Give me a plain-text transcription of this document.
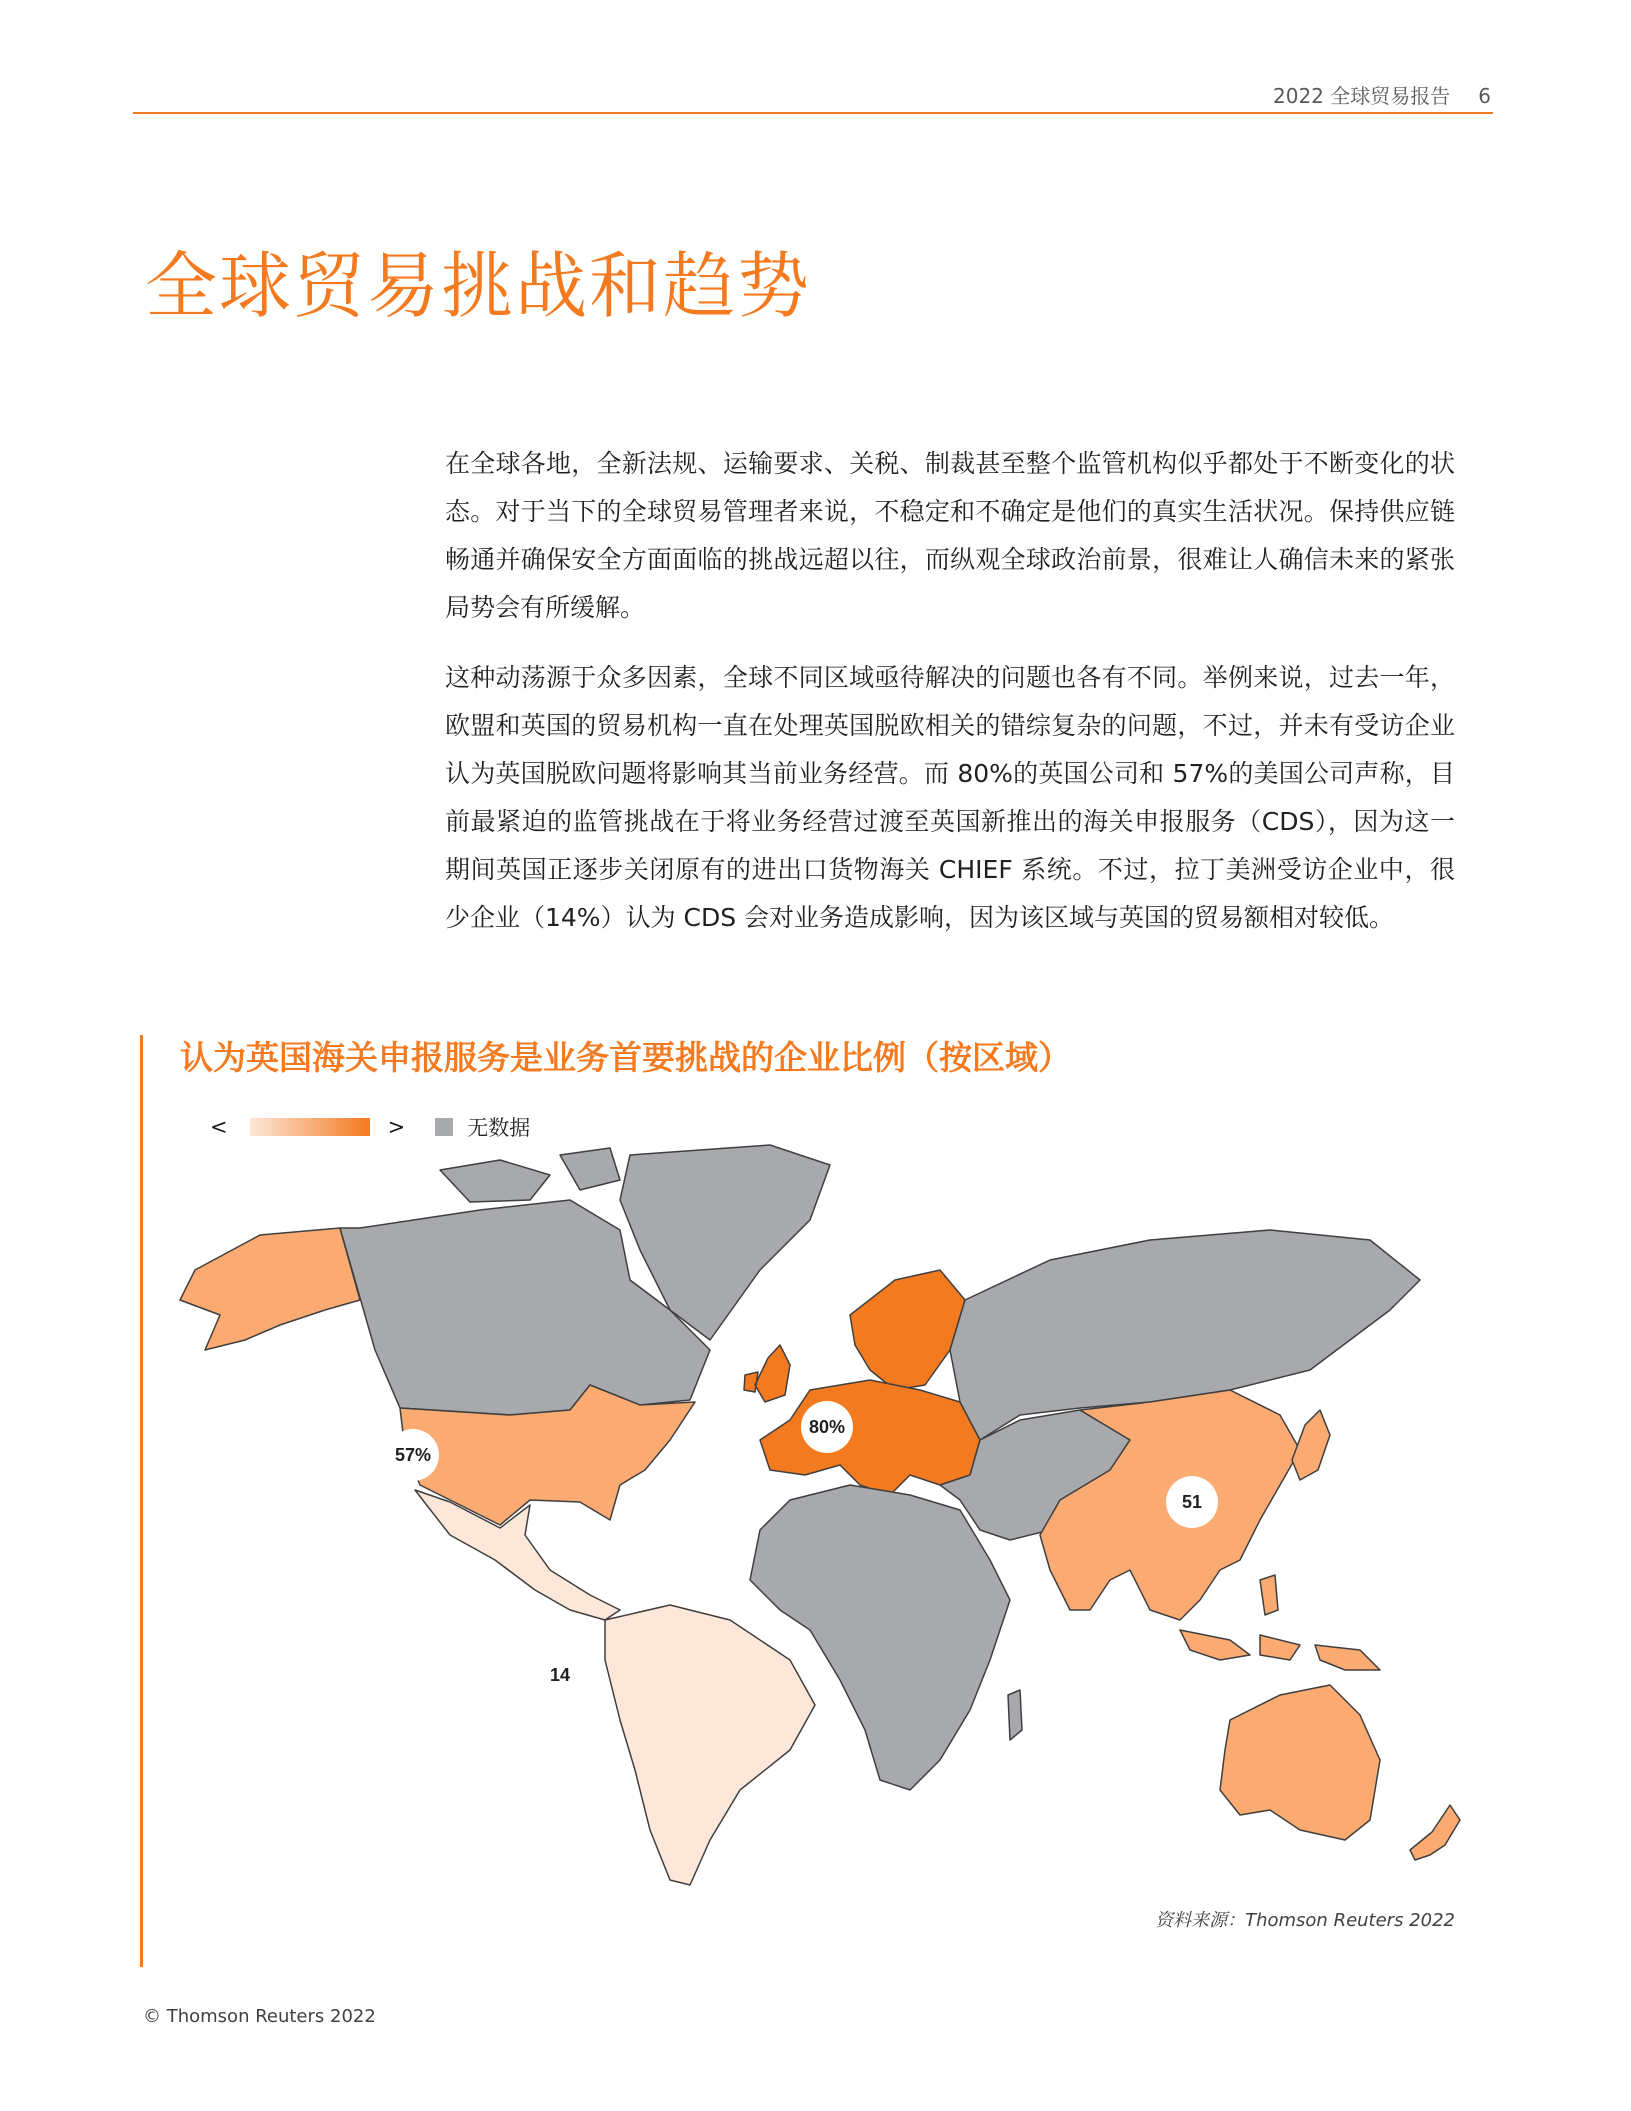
2022 全球贸易报告 6
全球贸易挑战和趋势

在全球各地，全新法规、运输要求、关税、制裁甚至整个监管机构似乎都处于不断变化的状态。对于当下的全球贸易管理者来说，不稳定和不确定是他们的真实生活状况。保持供应链畅通并确保安全方面面临的挑战远超以往，而纵观全球政治前景，很难让人确信未来的紧张局势会有所缓解。

这种动荡源于众多因素，全球不同区域亟待解决的问题也各有不同。举例来说，过去一年，欧盟和英国的贸易机构一直在处理英国脱欧相关的错综复杂的问题，不过，并未有受访企业认为英国脱欧问题将影响其当前业务经营。而 80%的英国公司和 57%的美国公司声称，目前最紧迫的监管挑战在于将业务经营过渡至英国新推出的海关申报服务（CDS），因为这一期间英国正逐步关闭原有的进出口货物海关 CHIEF 系统。不过，拉丁美洲受访企业中，很少企业（14%）认为 CDS 会对业务造成影响，因为该区域与英国的贸易额相对较低。

认为英国海关申报服务是业务首要挑战的企业比例（按区域）
<	>	无数据
57%
80%
51
14
资料来源：Thomson Reuters 2022
© Thomson Reuters 2022
